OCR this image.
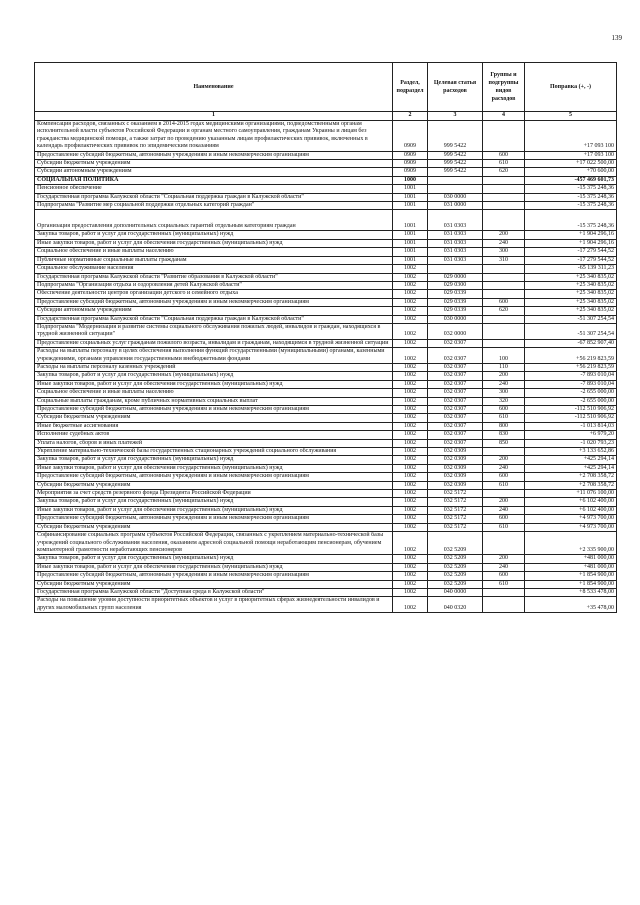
139
Наименование	Раздел, подраздел	Целевая статья расходов	Группы и подгруппы видов расходов	Поправка (+, -)
1	2	3	4	5
Компенсация расходов, связанных с оказанием в 2014-2015 годах медицинскими организациями, подведомственными органам исполнительной власти субъектов Российской Федерации и органам местного самоуправления, гражданам Украины и лицам без гражданства медицинской помощи, а также затрат по проведению указанным лицам профилактических прививок, включенных в календарь профилактических прививок по эпидемическим показаниям	0909	999 5422		+17 093 100
Предоставление субсидий бюджетным, автономным учреждениям и иным некоммерческим организациям	0909	999 5422	600	+17 093 100
Субсидии бюджетным учреждениям	0909	999 5422	610	+17 022 500,00
Субсидии автономным учреждениям	0909	999 5422	620	+70 600,00
СОЦИАЛЬНАЯ ПОЛИТИКА	1000			-457 469 601,73
Пенсионное обеспечение	1001			-15 375 248,36
Государственная программа Калужской области "Социальная поддержка граждан в Калужской области"	1001	030 0000		-15 375 248,36
Подпрограмма "Развитие мер социальной поддержки отдельных категорий граждан"	1001	031 0000		-15 375 248,36
Организация предоставления дополнительных социальных гарантий отдельным категориям граждан	1001	031 0303		-15 375 248,36
Закупка товаров, работ и услуг для государственных (муниципальных) нужд	1001	031 0303	200	+1 904 296,16
Иные закупки товаров, работ и услуг для обеспечения государственных (муниципальных) нужд	1001	031 0303	240	+1 904 296,16
Социальное обеспечение и иные выплаты населению	1001	031 0303	300	-17 279 544,52
Публичные нормативные социальные выплаты гражданам	1001	031 0303	310	-17 279 544,52
Социальное обслуживание населения	1002			-65 139 311,23
Государственная программа Калужской области "Развитие образования в Калужской области"	1002	029 0000		+25 340 835,02
Подпрограмма "Организация отдыха и оздоровления детей Калужской области"	1002	029 0300		+25 340 835,02
Обеспечение деятельности центров организации детского и семейного отдыха	1002	029 0339		+25 340 835,02
Предоставление субсидий бюджетным, автономным учреждениям и иным некоммерческим организациям	1002	029 0339	600	+25 340 835,02
Субсидии автономным учреждениям	1002	029 0339	620	+25 340 835,02
Государственная программа Калужской области "Социальная поддержка граждан в Калужской области"	1002	030 0000		-51 307 254,54
Подпрограмма "Модернизация и развитие системы социального обслуживания пожилых людей, инвалидов и граждан, находящихся в трудной жизненной ситуации"	1002	032 0000		-51 307 254,54
Предоставление социальных услуг гражданам пожилого возраста, инвалидам и гражданам, находящимся в трудной жизненной ситуации	1002	032 0307		-67 852 907,40
Расходы на выплаты персоналу в целях обеспечения выполнения функций государственными (муниципальными) органами, казенными учреждениями, органами управления государственными внебюджетными фондами	1002	032 0307	100	+56 219 823,59
Расходы на выплаты персоналу казенных учреждений	1002	032 0307	110	+56 219 823,59
Закупка товаров, работ и услуг для государственных (муниципальных) нужд	1002	032 0307	200	-7 893 010,04
Иные закупки товаров, работ и услуг для обеспечения государственных (муниципальных) нужд	1002	032 0307	240	-7 893 010,04
Социальное обеспечение и иные выплаты населению	1002	032 0307	300	-2 655 000,00
Социальные выплаты гражданам, кроме публичных нормативных социальных выплат	1002	032 0307	320	-2 655 000,00
Предоставление субсидий бюджетным, автономным учреждениям и иным некоммерческим организациям	1002	032 0307	600	-112 510 906,92
Субсидии бюджетным учреждениям	1002	032 0307	610	-112 510 906,92
Иные бюджетные ассигнования	1002	032 0307	800	-1 013 814,03
Исполнение судебных актов	1002	032 0307	830	+6 979,20
Уплата налогов, сборов и иных платежей	1002	032 0307	850	-1 020 793,23
Укрепление материально-технической базы государственных стационарных учреждений социального обслуживания	1002	032 0309		+3 133 652,86
Закупка товаров, работ и услуг для государственных (муниципальных) нужд	1002	032 0309	200	+425 294,14
Иные закупки товаров, работ и услуг для обеспечения государственных (муниципальных) нужд	1002	032 0309	240	+425 294,14
Предоставление субсидий бюджетным, автономным учреждениям и иным некоммерческим организациям	1002	032 0309	600	+2 708 358,72
Субсидии бюджетным учреждениям	1002	032 0309	610	+2 708 358,72
Мероприятия за счет средств резервного фонда Президента Российской Федерации	1002	032 5172		+11 076 100,00
Закупка товаров, работ и услуг для государственных (муниципальных) нужд	1002	032 5172	200	+6 102 400,00
Иные закупки товаров, работ и услуг для обеспечения государственных (муниципальных) нужд	1002	032 5172	240	+6 102 400,00
Предоставление субсидий бюджетным, автономным учреждениям и иным некоммерческим организациям	1002	032 5172	600	+4 973 700,00
Субсидии бюджетным учреждениям	1002	032 5172	610	+4 973 700,00
Софинансирование социальных программ субъектов Российской Федерации, связанных с укреплением материально-технической базы учреждений социального обслуживания населения, оказанием адресной социальной помощи неработающим пенсионерам, обучением компьютерной грамотности неработающих пенсионеров	1002	032 5209		+2 335 900,00
Закупка товаров, работ и услуг для государственных (муниципальных) нужд	1002	032 5209	200	+481 000,00
Иные закупки товаров, работ и услуг для обеспечения государственных (муниципальных) нужд	1002	032 5209	240	+481 000,00
Предоставление субсидий бюджетным, автономным учреждениям и иным некоммерческим организациям	1002	032 5209	600	+1 854 900,00
Субсидии бюджетным учреждениям	1002	032 5209	610	+1 854 900,00
Государственная программа Калужской области "Доступная среда в Калужской области"	1002	040 0000		+8 533 478,00
Расходы на повышение уровня доступности приоритетных объектов и услуг в приоритетных сферах жизнедеятельности инвалидов и других маломобильных групп населения	1002	040 0320		+35 478,00
